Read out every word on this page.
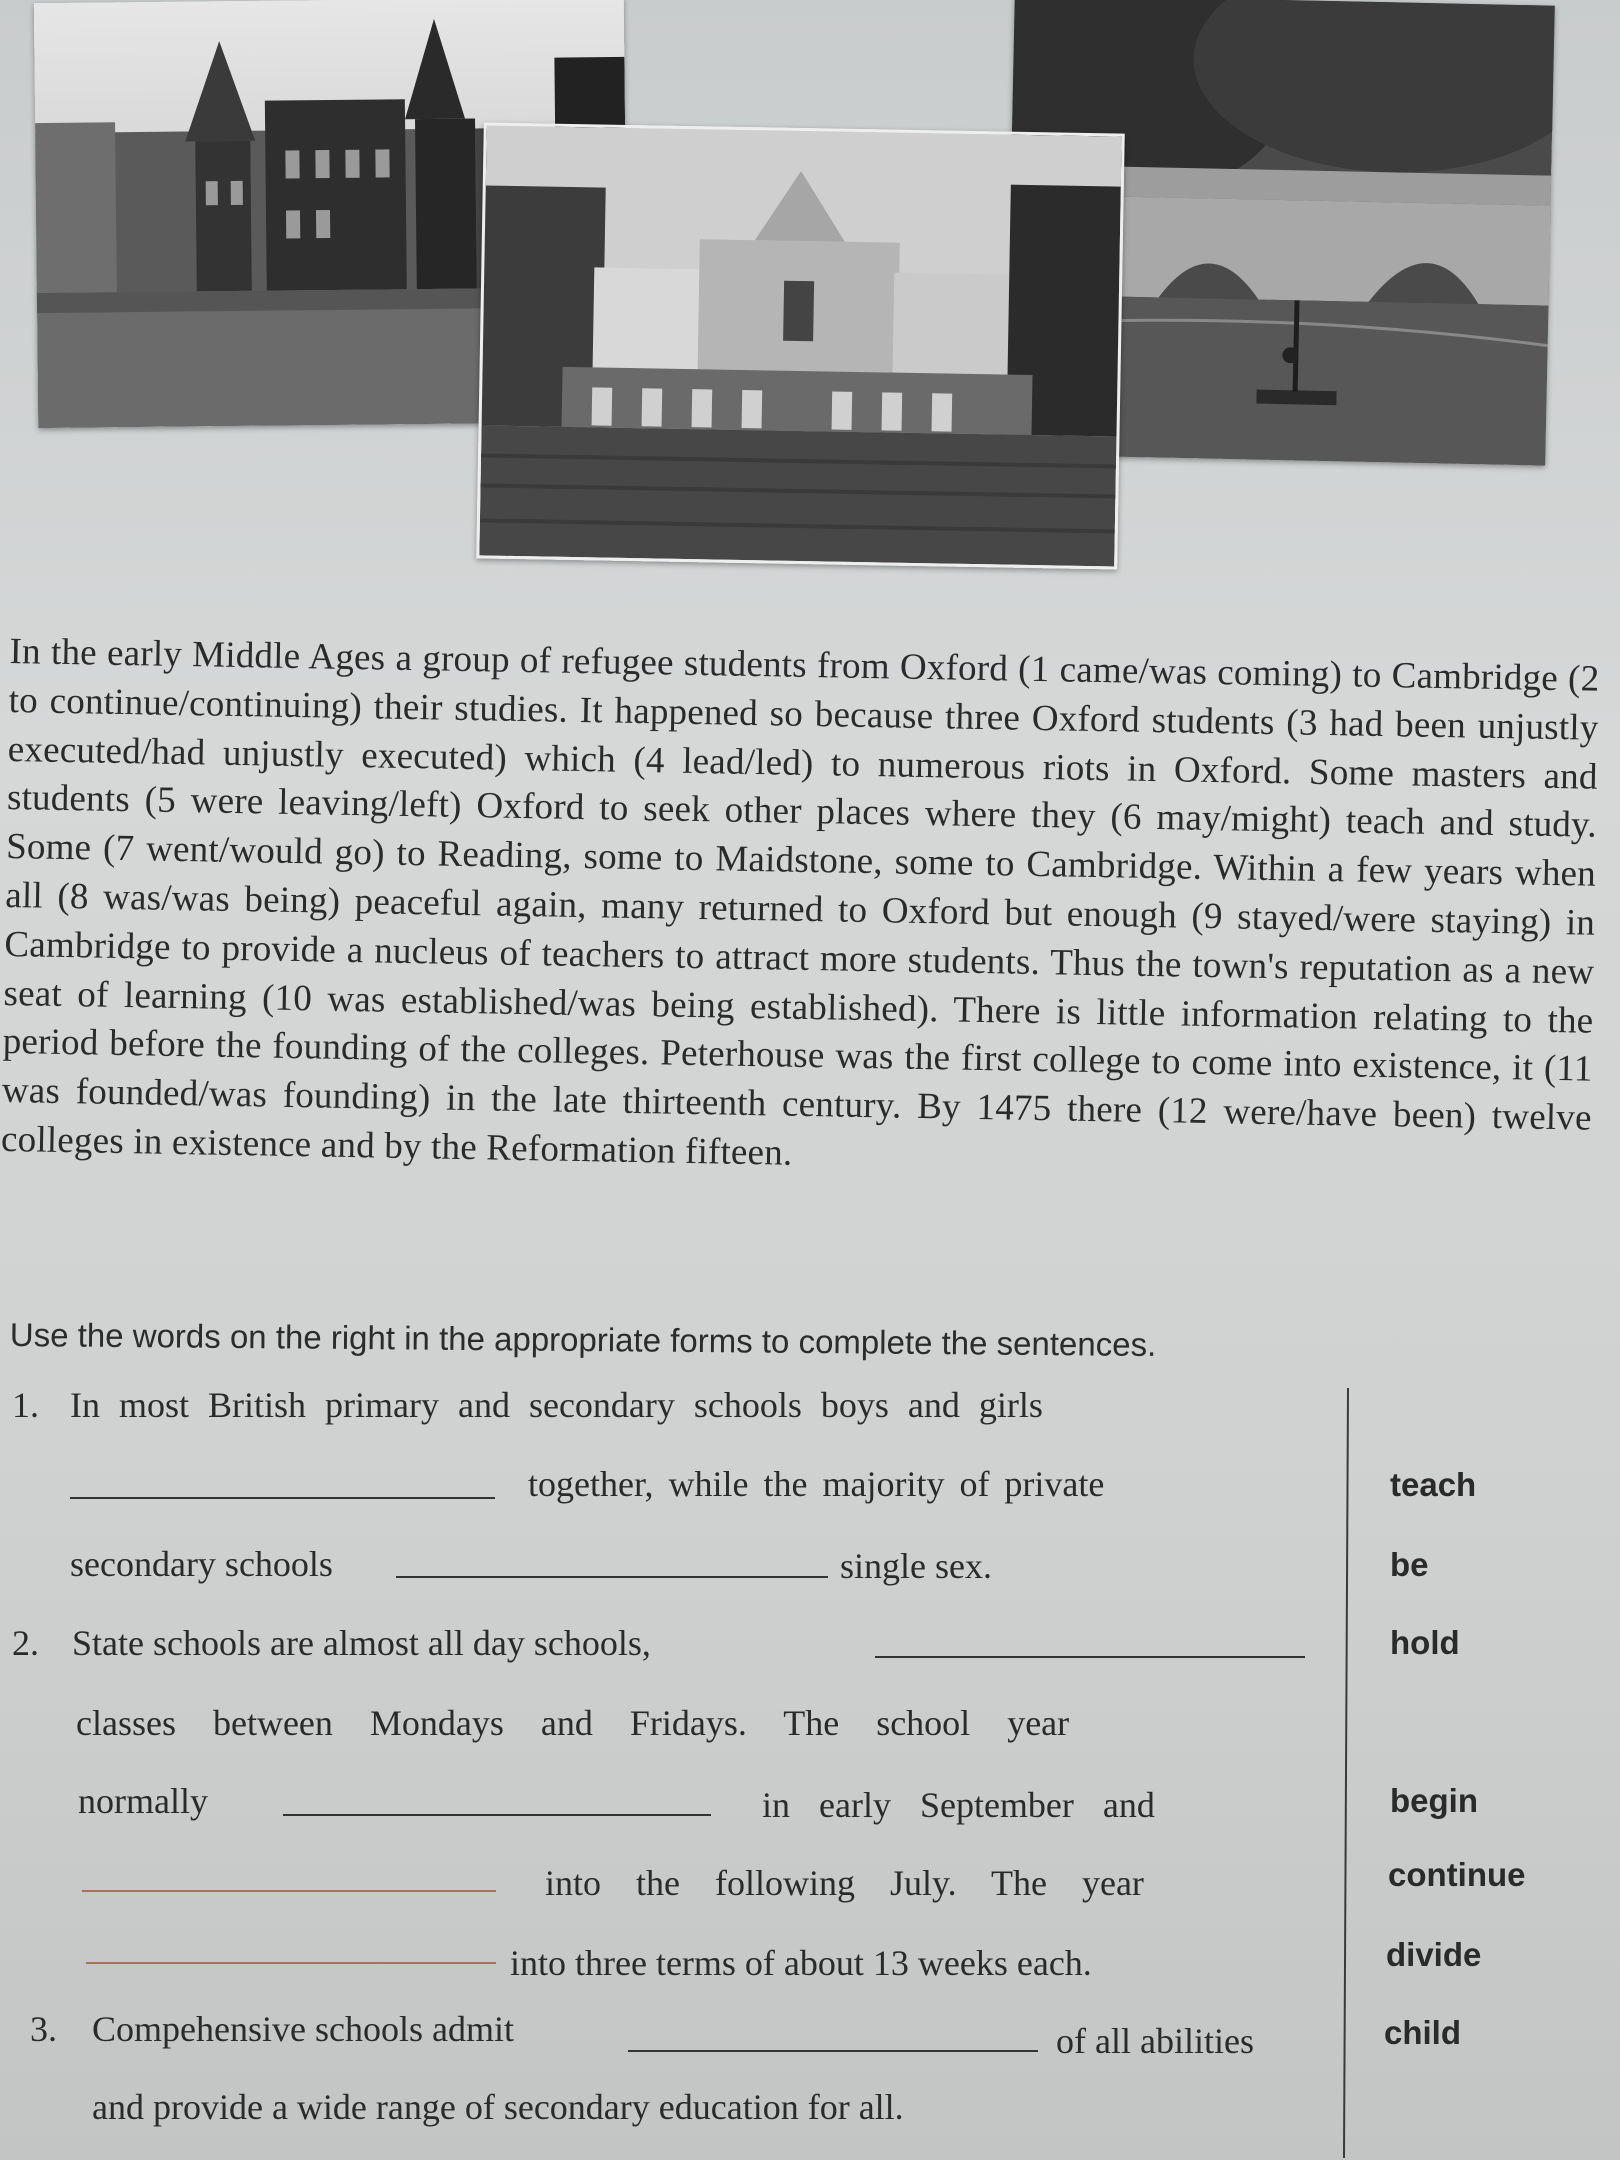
In the early Middle Ages a group of refugee students from Oxford (1 came/was coming) to Cambridge (2 to continue/continuing) their studies. It happened so because three Oxford students (3 had been unjustly executed/had unjustly executed) which (4 lead/led) to numerous riots in Oxford. Some masters and students (5 were leaving/left) Oxford to seek other places where they (6 may/might) teach and study. Some (7 went/would go) to Reading, some to Maidstone, some to Cambridge. Within a few years when all (8 was/was being) peaceful again, many returned to Oxford but enough (9 stayed/were staying) in Cambridge to provide a nucleus of teachers to attract more students. Thus the town's reputation as a new seat of learning (10 was established/was being established). There is little information relating to the period before the founding of the colleges. Peterhouse was the first college to come into existence, it (11 was founded/was founding) in the late thirteenth century. By 1475 there (12 were/have been) twelve colleges in existence and by the Reformation fifteen.
Use the words on the right in the appropriate forms to complete the sentences.
1. In most British primary and secondary schools boys and girls
together, while the majority of private
secondary schools	single sex.
2. State schools are almost all day schools,
classes between Mondays and Fridays. The school year
normally	in early September and
into the following July. The year
into three terms of about 13 weeks each.
3. Compehensive schools admit	of all abilities
and provide a wide range of secondary education for all.
teach
be
hold
begin
continue
divide
child
